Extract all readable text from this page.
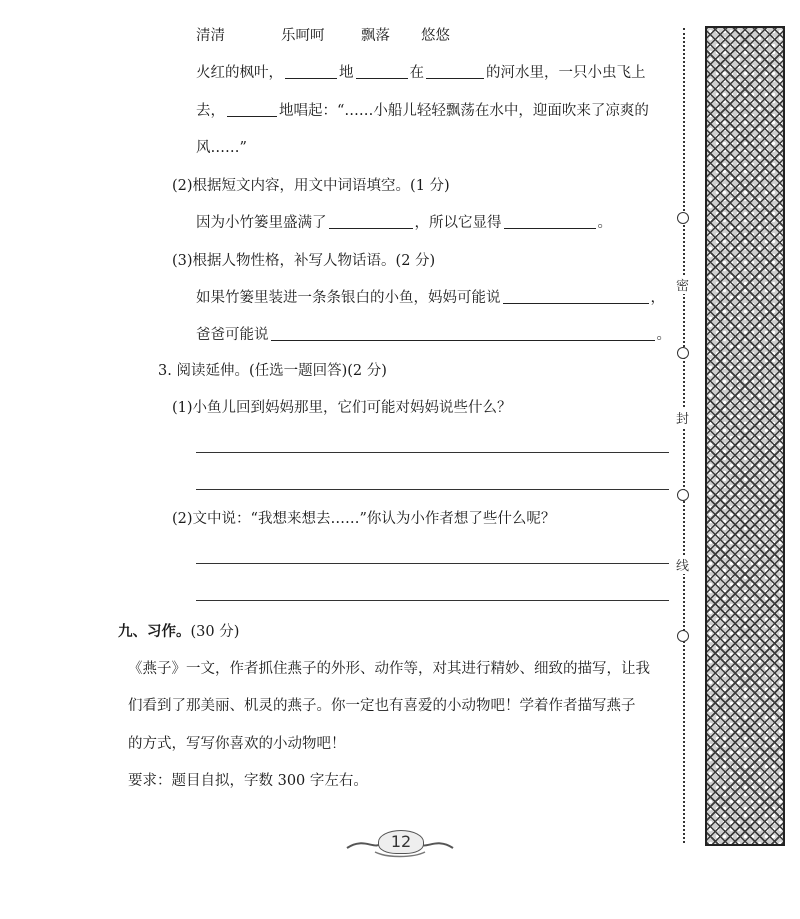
清清	乐呵呵	飘落 悠悠
火红的枫叶，	地	在	的河水里，一只小虫飞上
去，	地唱起：“……小船儿轻轻飘荡在水中，迎面吹来了凉爽的
风……”
(2)根据短文内容，用文中词语填空。(1 分)
因为小竹篓里盛满了	，所以它显得	。
(3)根据人物性格，补写人物话语。(2 分)
如果竹篓里装进一条条银白的小鱼，妈妈可能说	，
爸爸可能说	。
3. 阅读延伸。(任选一题回答)(2 分)
(1)小鱼儿回到妈妈那里，它们可能对妈妈说些什么？
(2)文中说：“我想来想去……”你认为小作者想了些什么呢？
九、习作。(30 分)
《燕子》一文，作者抓住燕子的外形、动作等，对其进行精妙、细致的描写，让我
们看到了那美丽、机灵的燕子。你一定也有喜爱的小动物吧！学着作者描写燕子
的方式，写写你喜欢的小动物吧！
要求：题目自拟，字数 300 字左右。
密
封
线
12
